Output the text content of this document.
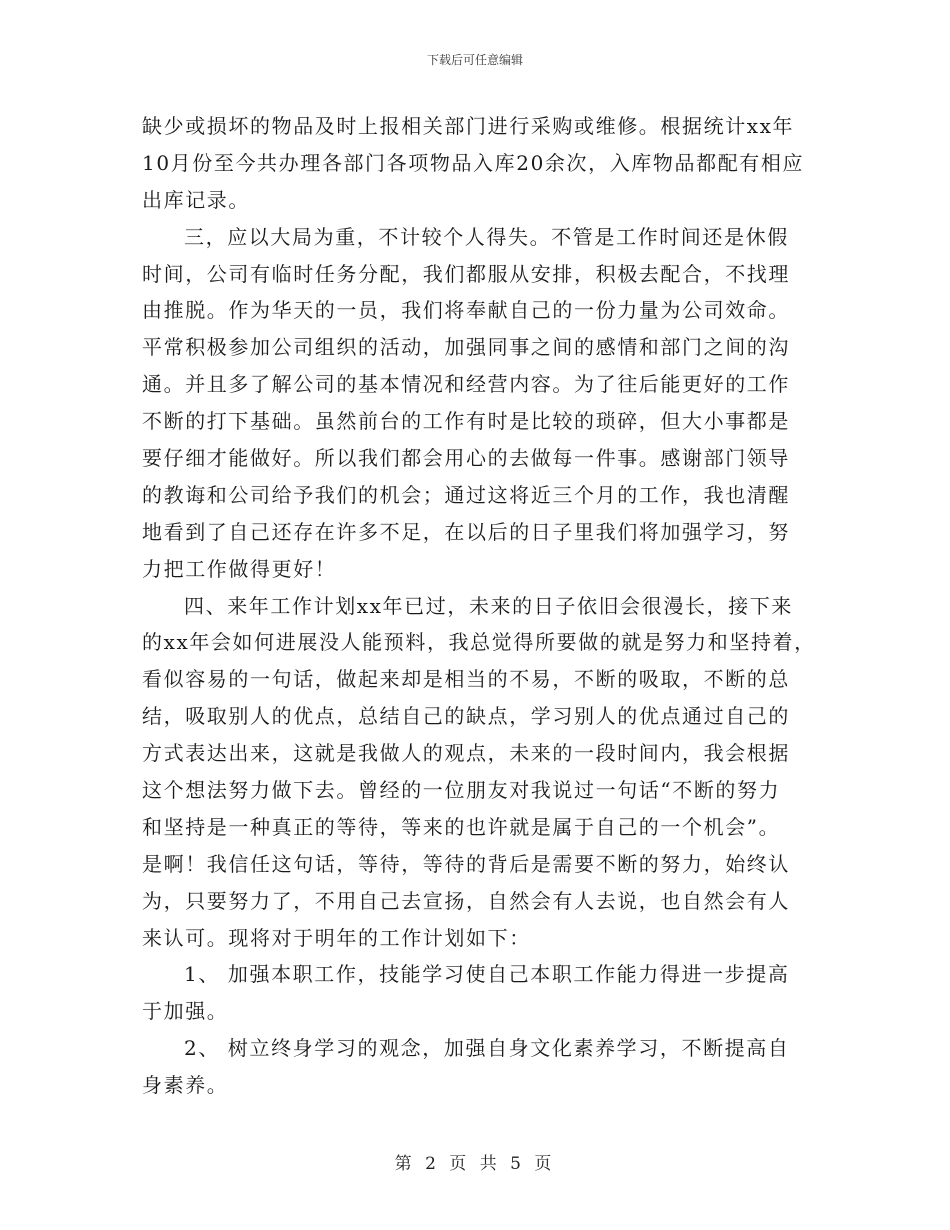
下载后可任意编辑
缺少或损坏的物品及时上报相关部门进行采购或维修。根据统计xx年
10月份至今共办理各部门各项物品入库20余次，入库物品都配有相应
出库记录。
三，应以大局为重，不计较个人得失。不管是工作时间还是休假
时间，公司有临时任务分配，我们都服从安排，积极去配合，不找理
由推脱。作为华天的一员，我们将奉献自己的一份力量为公司效命。
平常积极参加公司组织的活动，加强同事之间的感情和部门之间的沟
通。并且多了解公司的基本情况和经营内容。为了往后能更好的工作
不断的打下基础。虽然前台的工作有时是比较的琐碎，但大小事都是
要仔细才能做好。所以我们都会用心的去做每一件事。感谢部门领导
的教诲和公司给予我们的机会；通过这将近三个月的工作，我也清醒
地看到了自己还存在许多不足，在以后的日子里我们将加强学习，努
力把工作做得更好！
四、来年工作计划xx年已过，未来的日子依旧会很漫长，接下来
的xx年会如何进展没人能预料，我总觉得所要做的就是努力和坚持着，
看似容易的一句话，做起来却是相当的不易，不断的吸取，不断的总
结，吸取别人的优点，总结自己的缺点，学习别人的优点通过自己的
方式表达出来，这就是我做人的观点，未来的一段时间内，我会根据
这个想法努力做下去。曾经的一位朋友对我说过一句话“不断的努力
和坚持是一种真正的等待，等来的也许就是属于自己的一个机会”。
是啊！我信任这句话，等待，等待的背后是需要不断的努力，始终认
为，只要努力了，不用自己去宣扬，自然会有人去说，也自然会有人
来认可。现将对于明年的工作计划如下：
1、 加强本职工作，技能学习使自己本职工作能力得进一步提高
于加强。
2、 树立终身学习的观念，加强自身文化素养学习，不断提高自
身素养。
第 2 页 共 5 页
